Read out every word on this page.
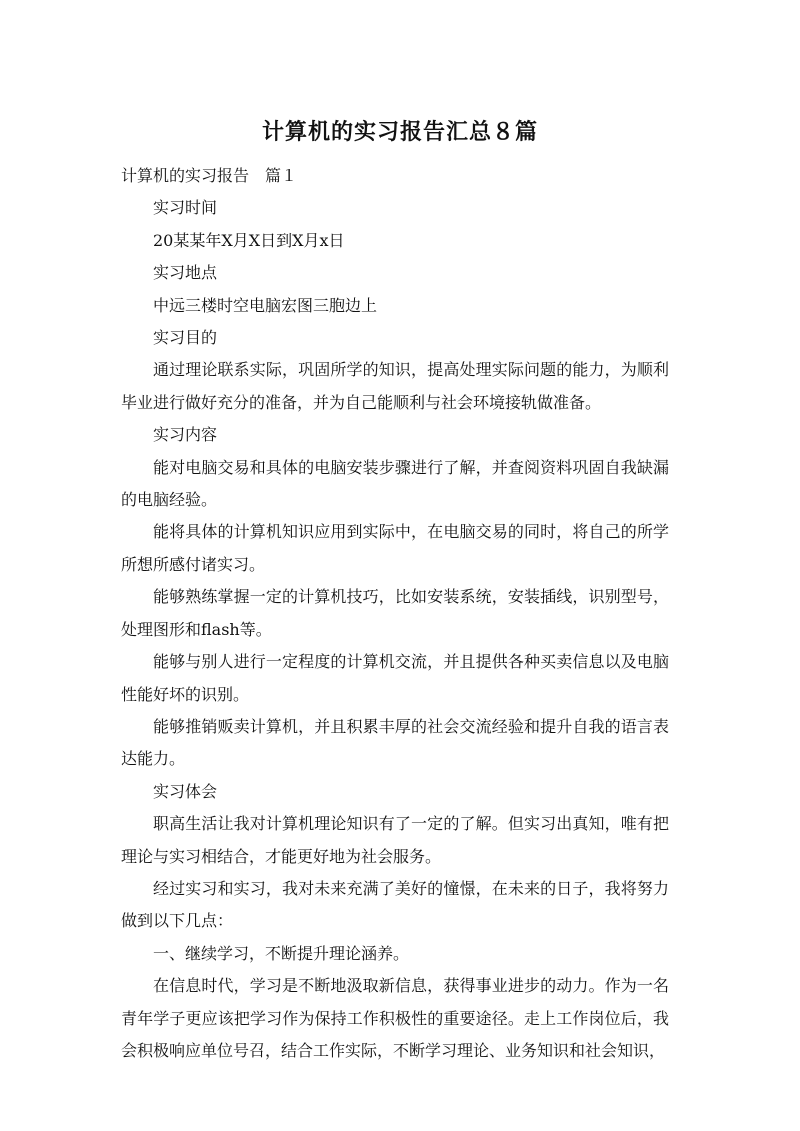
计算机的实习报告汇总８篇

计算机的实习报告　篇１

实习时间

20某某年X月X日到X月x日

实习地点

中远三楼时空电脑宏图三胞边上

实习目的

通过理论联系实际，巩固所学的知识，提高处理实际问题的能力，为顺利毕业进行做好充分的准备，并为自己能顺利与社会环境接轨做准备。

实习内容

能对电脑交易和具体的电脑安装步骤进行了解，并查阅资料巩固自我缺漏的电脑经验。

能将具体的计算机知识应用到实际中，在电脑交易的同时，将自己的所学所想所感付诸实习。

能够熟练掌握一定的计算机技巧，比如安装系统，安装插线，识别型号，处理图形和flash等。

能够与别人进行一定程度的计算机交流，并且提供各种买卖信息以及电脑性能好坏的识别。

能够推销贩卖计算机，并且积累丰厚的社会交流经验和提升自我的语言表达能力。

实习体会

职高生活让我对计算机理论知识有了一定的了解。但实习出真知，唯有把理论与实习相结合，才能更好地为社会服务。

经过实习和实习，我对未来充满了美好的憧憬，在未来的日子，我将努力做到以下几点：

一、继续学习，不断提升理论涵养。

在信息时代，学习是不断地汲取新信息，获得事业进步的动力。作为一名青年学子更应该把学习作为保持工作积极性的重要途径。走上工作岗位后，我会积极响应单位号召，结合工作实际，不断学习理论、业务知识和社会知识，
